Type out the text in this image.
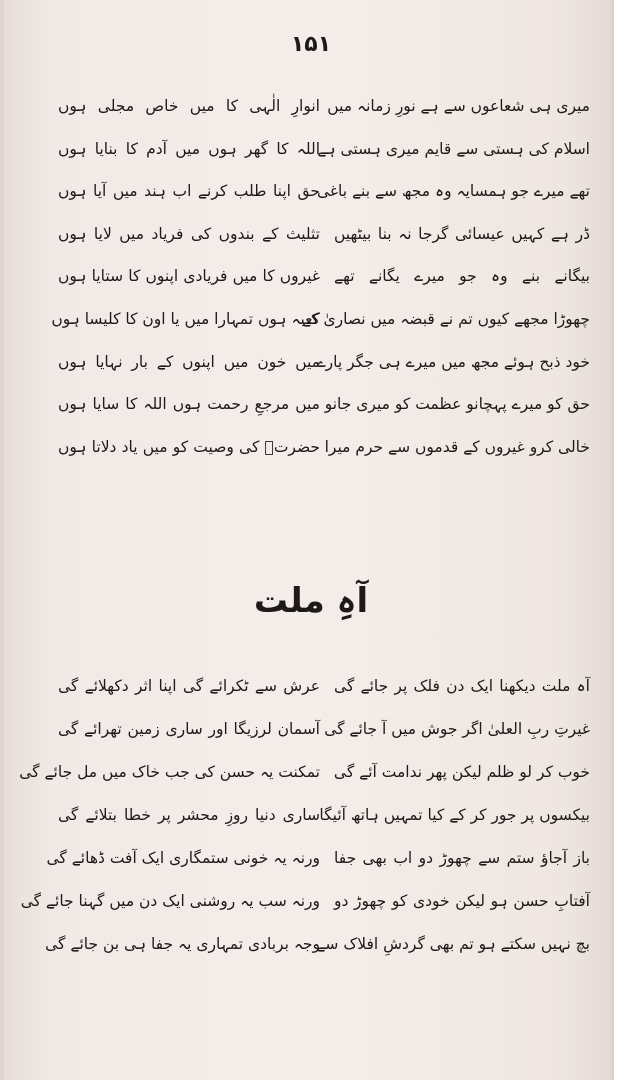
۱۵۱
میری ہی شعاعوں سے ہے نورِ زمانہ میں
انوارِ الٰہی کا میں خاص مجلی ہوں
اسلام کی ہستی سے قایم میری ہستی ہے
اللہ کا گھر ہوں میں آدم کا بنایا ہوں
تھے میرے جو ہمسایہ وہ مجھ سے بنے باغی
حق اپنا طلب کرنے اب ہند میں آیا ہوں
ڈر ہے کہیں عیسائی گرجا نہ بنا بیٹھیں
تثلیث کے بندوں کی فریاد میں لایا ہوں
بیگانے بنے وہ جو میرے یگانے تھے
غیروں کا میں فریادی اپنوں کا ستایا ہوں
چھوڑا مجھے کیوں تم نے قبضہ میں نصاریٰ کے
کعبہ ہوں تمہارا میں یا اون کا کلیسا ہوں
خود ذبح ہوئے مجھ میں میرے ہی جگر پارے
میں خون میں اپنوں کے بار نہایا ہوں
حق کو میرے پہچانو عظمت کو میری جانو
میں مرجعِ رحمت ہوں اللہ کا سایا ہوں
خالی کرو غیروں کے قدموں سے حرم میرا
حضرتؐ کی وصیت کو میں یاد دلاتا ہوں
آہِ ملت
آہ ملت دیکھنا ایک دن فلک پر جائے گی
عرش سے ٹکرائے گی اپنا اثر دکھلائے گی
غیرتِ ربِ العلیٰ اگر جوش میں آ جائے گی
آسمان لرزیگا اور ساری زمین تھرائے گی
خوب کر لو ظلم لیکن پھر ندامت آئے گی
تمکنت یہ حسن کی جب خاک میں مل جائے گی
بیکسوں پر جور کر کے کیا تمہیں ہاتھ آئیگا
ساری دنیا روزِ محشر پر خطا بتلائے گی
باز آجاؤ ستم سے چھوڑ دو اب بھی جفا
ورنہ یہ خونی ستمگاری ایک آفت ڈھائے گی
آفتابِ حسن ہو لیکن خودی کو چھوڑ دو
ورنہ سب یہ روشنی ایک دن میں گہنا جائے گی
بچ نہیں سکتے ہو تم بھی گردشِ افلاک سے
وجہ بربادی تمہاری یہ جفا ہی بن جائے گی
